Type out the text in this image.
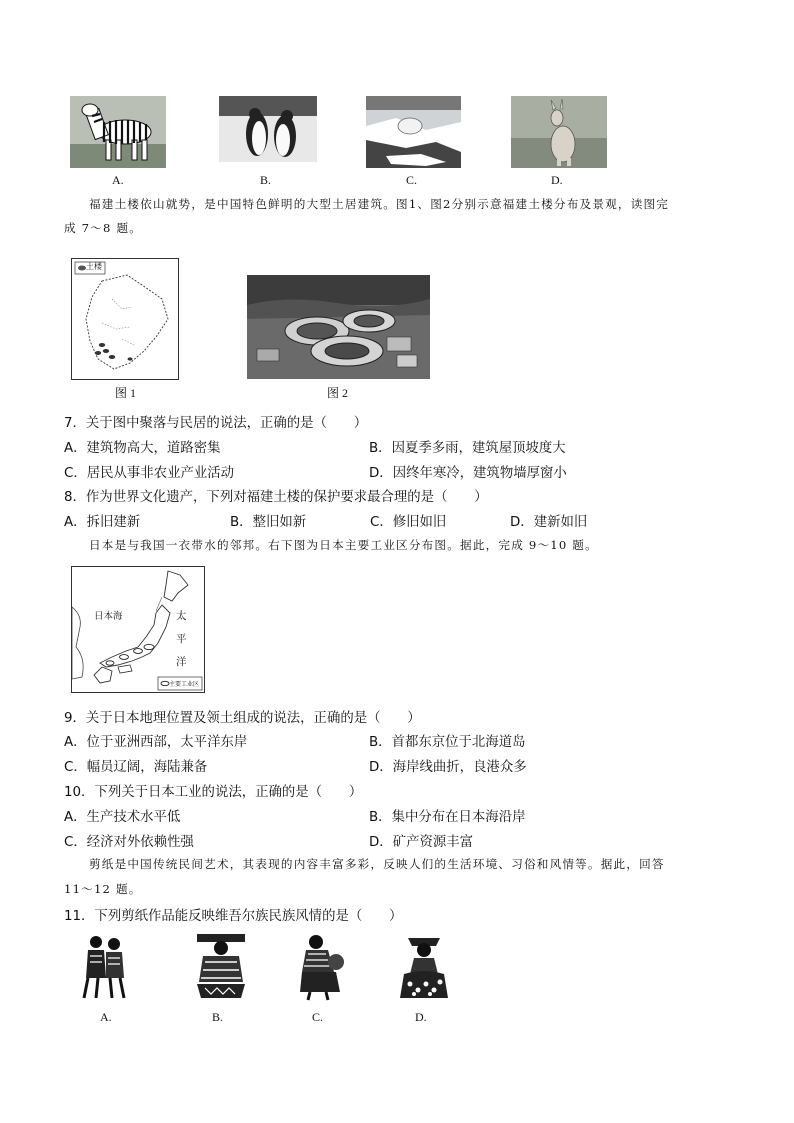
A.	B.	C.	D.
福建土楼依山就势，是中国特色鲜明的大型土居建筑。图1、图2分别示意福建土楼分布及景观，读图完
成 7～8 题。
土楼
图 1	图 2
7．关于图中聚落与民居的说法，正确的是（　　）
A．建筑物高大，道路密集	B．因夏季多雨，建筑屋顶坡度大
C．居民从事非农业产业活动	D．因终年寒冷，建筑物墙厚窗小
8．作为世界文化遗产，下列对福建土楼的保护要求最合理的是（　　）
A．拆旧建新	B．整旧如新	C．修旧如旧	D．建新如旧
日本是与我国一衣带水的邻邦。右下图为日本主要工业区分布图。据此，完成 9～10 题。
日本海	太
平
洋
主要工业区
9．关于日本地理位置及领土组成的说法，正确的是（　　）
A．位于亚洲西部，太平洋东岸	B．首都东京位于北海道岛
C．幅员辽阔，海陆兼备	D．海岸线曲折，良港众多
10．下列关于日本工业的说法，正确的是（　　）
A．生产技术水平低	B．集中分布在日本海沿岸
C．经济对外依赖性强	D．矿产资源丰富
剪纸是中国传统民间艺术，其表现的内容丰富多彩，反映人们的生活环境、习俗和风情等。据此，回答
11～12 题。
11．下列剪纸作品能反映维吾尔族民族风情的是（　　）
A.	B.	C.	D.
